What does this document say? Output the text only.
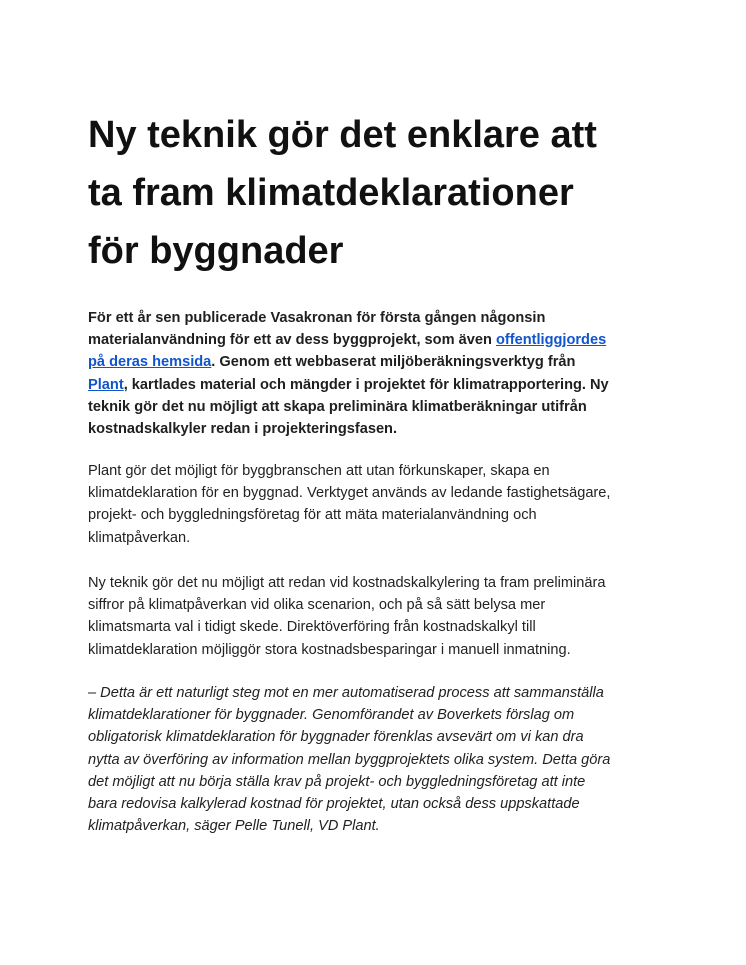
Ny teknik gör det enklare att
ta fram klimatdeklarationer
för byggnader

För ett år sen publicerade Vasakronan för första gången någonsin
materialanvändning för ett av dess byggprojekt, som även offentliggjordes
på deras hemsida. Genom ett webbaserat miljöberäkningsverktyg från
Plant, kartlades material och mängder i projektet för klimatrapportering. Ny
teknik gör det nu möjligt att skapa preliminära klimatberäkningar utifrån
kostnadskalkyler redan i projekteringsfasen.

Plant gör det möjligt för byggbranschen att utan förkunskaper, skapa en
klimatdeklaration för en byggnad. Verktyget används av ledande fastighetsägare,
projekt- och byggledningsföretag för att mäta materialanvändning och
klimatpåverkan.

Ny teknik gör det nu möjligt att redan vid kostnadskalkylering ta fram preliminära
siffror på klimatpåverkan vid olika scenarion, och på så sätt belysa mer
klimatsmarta val i tidigt skede. Direktöverföring från kostnadskalkyl till
klimatdeklaration möjliggör stora kostnadsbesparingar i manuell inmatning.

– Detta är ett naturligt steg mot en mer automatiserad process att sammanställa
klimatdeklarationer för byggnader. Genomförandet av Boverkets förslag om
obligatorisk klimatdeklaration för byggnader förenklas avsevärt om vi kan dra
nytta av överföring av information mellan byggprojektets olika system. Detta göra
det möjligt att nu börja ställa krav på projekt- och byggledningsföretag att inte
bara redovisa kalkylerad kostnad för projektet, utan också dess uppskattade
klimatpåverkan, säger Pelle Tunell, VD Plant.
